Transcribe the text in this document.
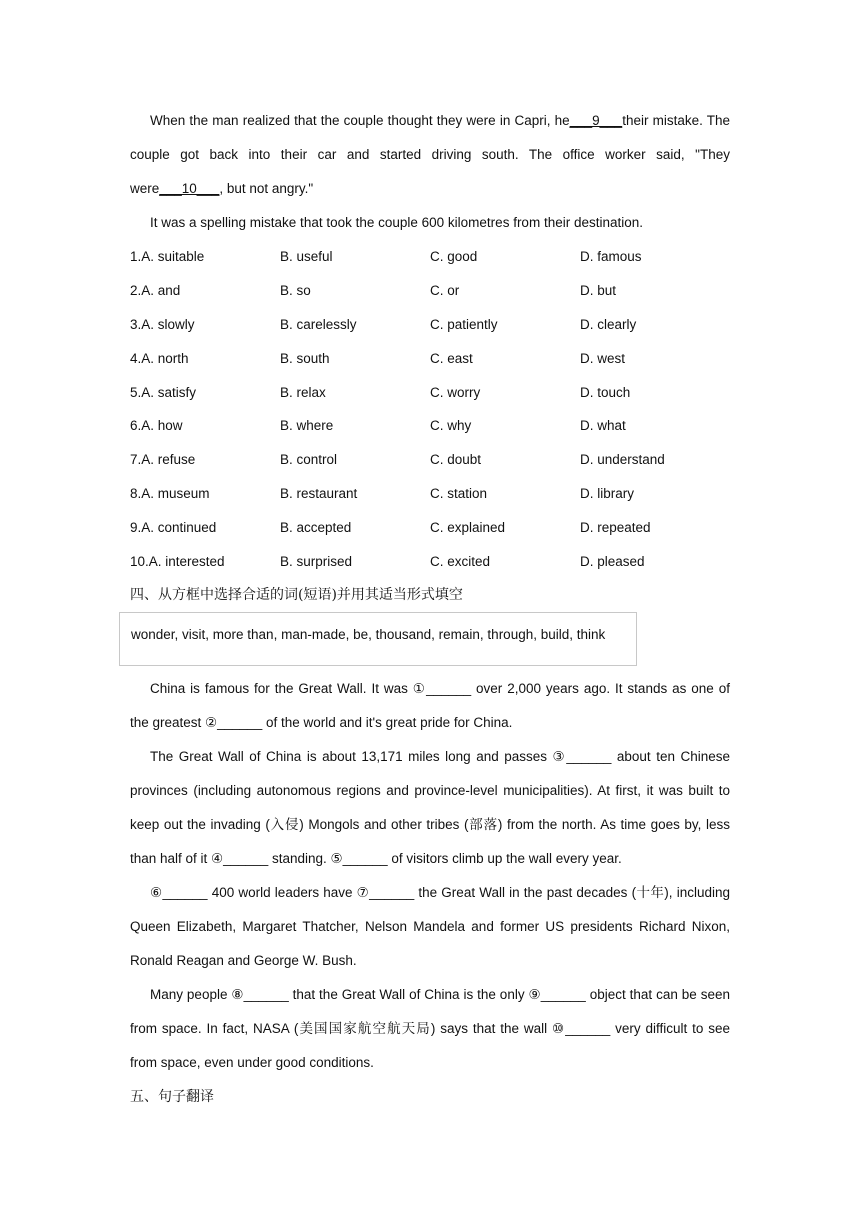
When the man realized that the couple thought they were in Capri, he___9___their mistake. The couple got back into their car and started driving south. The office worker said, "They were___10___, but not angry."

It was a spelling mistake that took the couple 600 kilometres from their destination.

1.A. suitable	B. useful	C. good	D. famous
2.A. and	B. so	C. or	D. but
3.A. slowly	B. carelessly	C. patiently	D. clearly
4.A. north	B. south	C. east	D. west
5.A. satisfy	B. relax	C. worry	D. touch
6.A. how	B. where	C. why	D. what
7.A. refuse	B. control	C. doubt	D. understand
8.A. museum	B. restaurant	C. station	D. library
9.A. continued	B. accepted	C. explained	D. repeated
10.A. interested	B. surprised	C. excited	D. pleased
四、从方框中选择合适的词(短语)并用其适当形式填空
wonder, visit, more than, man-made, be, thousand, remain, through, build, think

China is famous for the Great Wall. It was ①______ over 2,000 years ago. It stands as one of the greatest ②______ of the world and it's great pride for China.

The Great Wall of China is about 13,171 miles long and passes ③______ about ten Chinese provinces (including autonomous regions and province-level municipalities). At first, it was built to keep out the invading (入侵) Mongols and other tribes (部落) from the north. As time goes by, less than half of it ④______ standing. ⑤______ of visitors climb up the wall every year.

⑥______ 400 world leaders have ⑦______ the Great Wall in the past decades (十年), including Queen Elizabeth, Margaret Thatcher, Nelson Mandela and former US presidents Richard Nixon, Ronald Reagan and George W. Bush.

Many people ⑧______ that the Great Wall of China is the only ⑨______ object that can be seen from space. In fact, NASA (美国国家航空航天局) says that the wall ⑩______ very difficult to see from space, even under good conditions.

五、句子翻译
